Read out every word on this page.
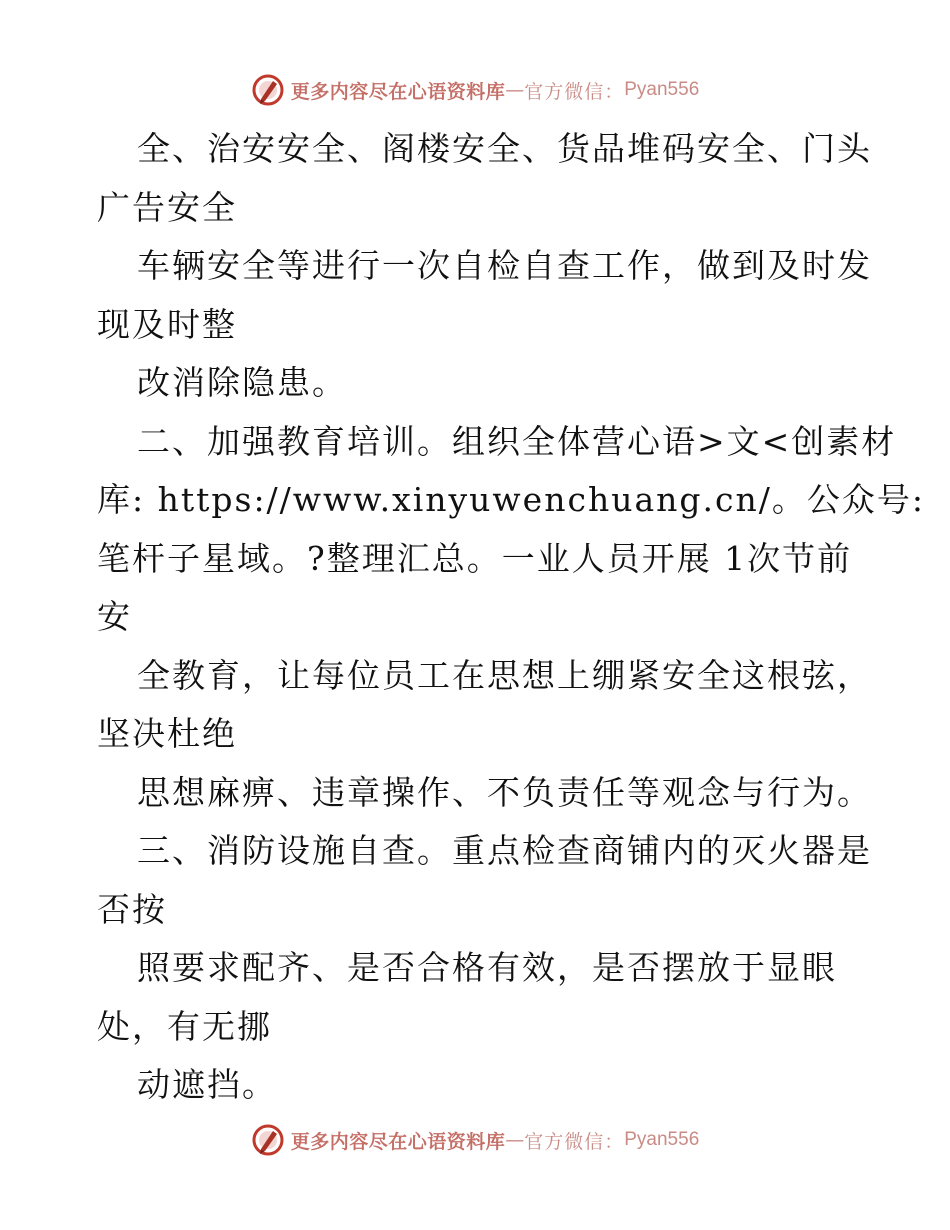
更多内容尽在心语资料库 — 官方微信： Pyan556
全、治安安全、阁楼安全、货品堆码安全、门头
广告安全
车辆安全等进行一次自检自查工作，做到及时发
现及时整
改消除隐患。
二、加强教育培训。组织全体营心语>文<创素材
库: https://www.xinyuwenchuang.cn/。公众号:
笔杆子星域。?整理汇总。一业人员开展 1次节前
安
全教育，让每位员工在思想上绷紧安全这根弦，
坚决杜绝
思想麻痹、违章操作、不负责任等观念与行为。
三、消防设施自查。重点检查商铺内的灭火器是
否按
照要求配齐、是否合格有效，是否摆放于显眼
处，有无挪
动遮挡。
更多内容尽在心语资料库 — 官方微信： Pyan556
